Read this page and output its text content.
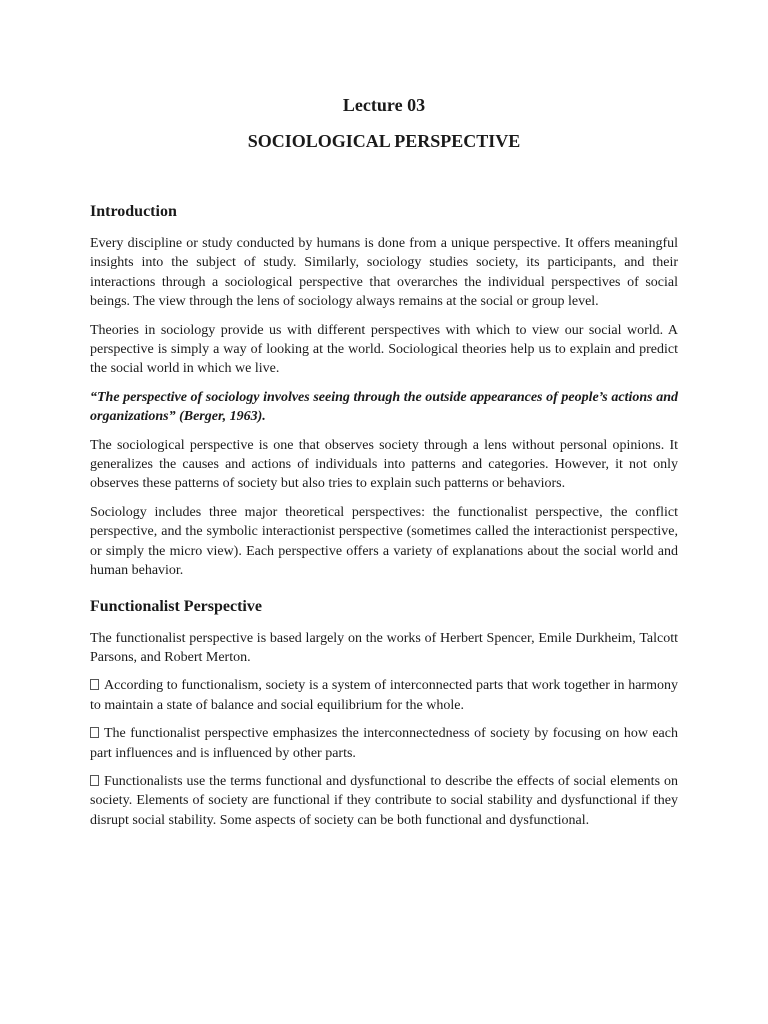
Lecture 03
SOCIOLOGICAL PERSPECTIVE
Introduction

Every discipline or study conducted by humans is done from a unique perspective. It offers meaningful insights into the subject of study. Similarly, sociology studies society, its participants, and their interactions through a sociological perspective that overarches the individual perspectives of social beings. The view through the lens of sociology always remains at the social or group level.

Theories in sociology provide us with different perspectives with which to view our social world. A perspective is simply a way of looking at the world. Sociological theories help us to explain and predict the social world in which we live.

“The perspective of sociology involves seeing through the outside appearances of people’s actions and organizations” (Berger, 1963).

The sociological perspective is one that observes society through a lens without personal opinions. It generalizes the causes and actions of individuals into patterns and categories. However, it not only observes these patterns of society but also tries to explain such patterns or behaviors.

Sociology includes three major theoretical perspectives: the functionalist perspective, the conflict perspective, and the symbolic interactionist perspective (sometimes called the interactionist perspective, or simply the micro view). Each perspective offers a variety of explanations about the social world and human behavior.

Functionalist Perspective

The functionalist perspective is based largely on the works of Herbert Spencer, Emile Durkheim, Talcott Parsons, and Robert Merton.

According to functionalism, society is a system of interconnected parts that work together in harmony to maintain a state of balance and social equilibrium for the whole.

The functionalist perspective emphasizes the interconnectedness of society by focusing on how each part influences and is influenced by other parts.

Functionalists use the terms functional and dysfunctional to describe the effects of social elements on society. Elements of society are functional if they contribute to social stability and dysfunctional if they disrupt social stability. Some aspects of society can be both functional and dysfunctional.
